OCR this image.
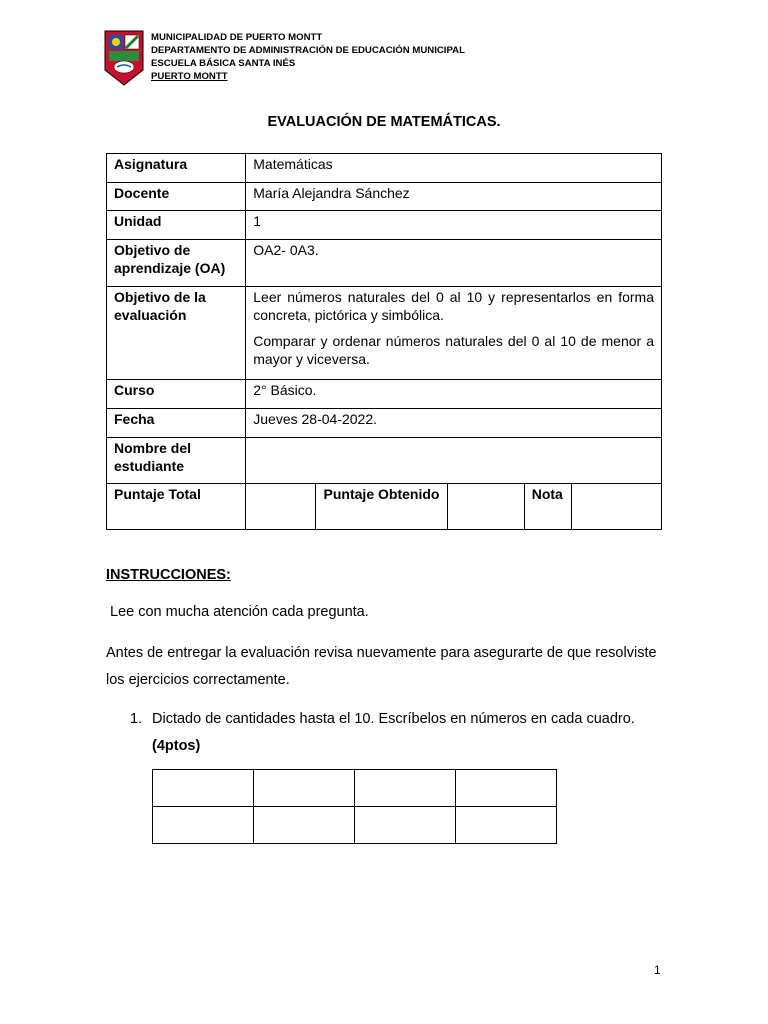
MUNICIPALIDAD DE PUERTO MONTT
DEPARTAMENTO DE ADMINISTRACIÓN DE EDUCACIÓN MUNICIPAL
ESCUELA BÁSICA SANTA INÉS
PUERTO MONTT
EVALUACIÓN DE MATEMÁTICAS.
Asignatura	Matemáticas				
Docente	María Alejandra Sánchez				
Unidad	1				
Objetivo de aprendizaje (OA)	OA2- 0A3.				
Objetivo de la evaluación	Leer números naturales del 0 al 10 y representarlos en forma concreta, pictórica y simbólica.

Comparar y ordenar números naturales del 0 al 10 de menor a mayor y viceversa.				

Curso	2° Básico.				
Fecha	Jueves 28-04-2022.				
Nombre del estudiante					
Puntaje Total		Puntaje Obtenido		Nota	
INSTRUCCIONES:
Lee con mucha atención cada pregunta.
Antes de entregar la evaluación revisa nuevamente para asegurarte de que resolviste los ejercicios correctamente.
1. Dictado de cantidades hasta el 10. Escríbelos en números en cada cuadro.
(4ptos)

1
